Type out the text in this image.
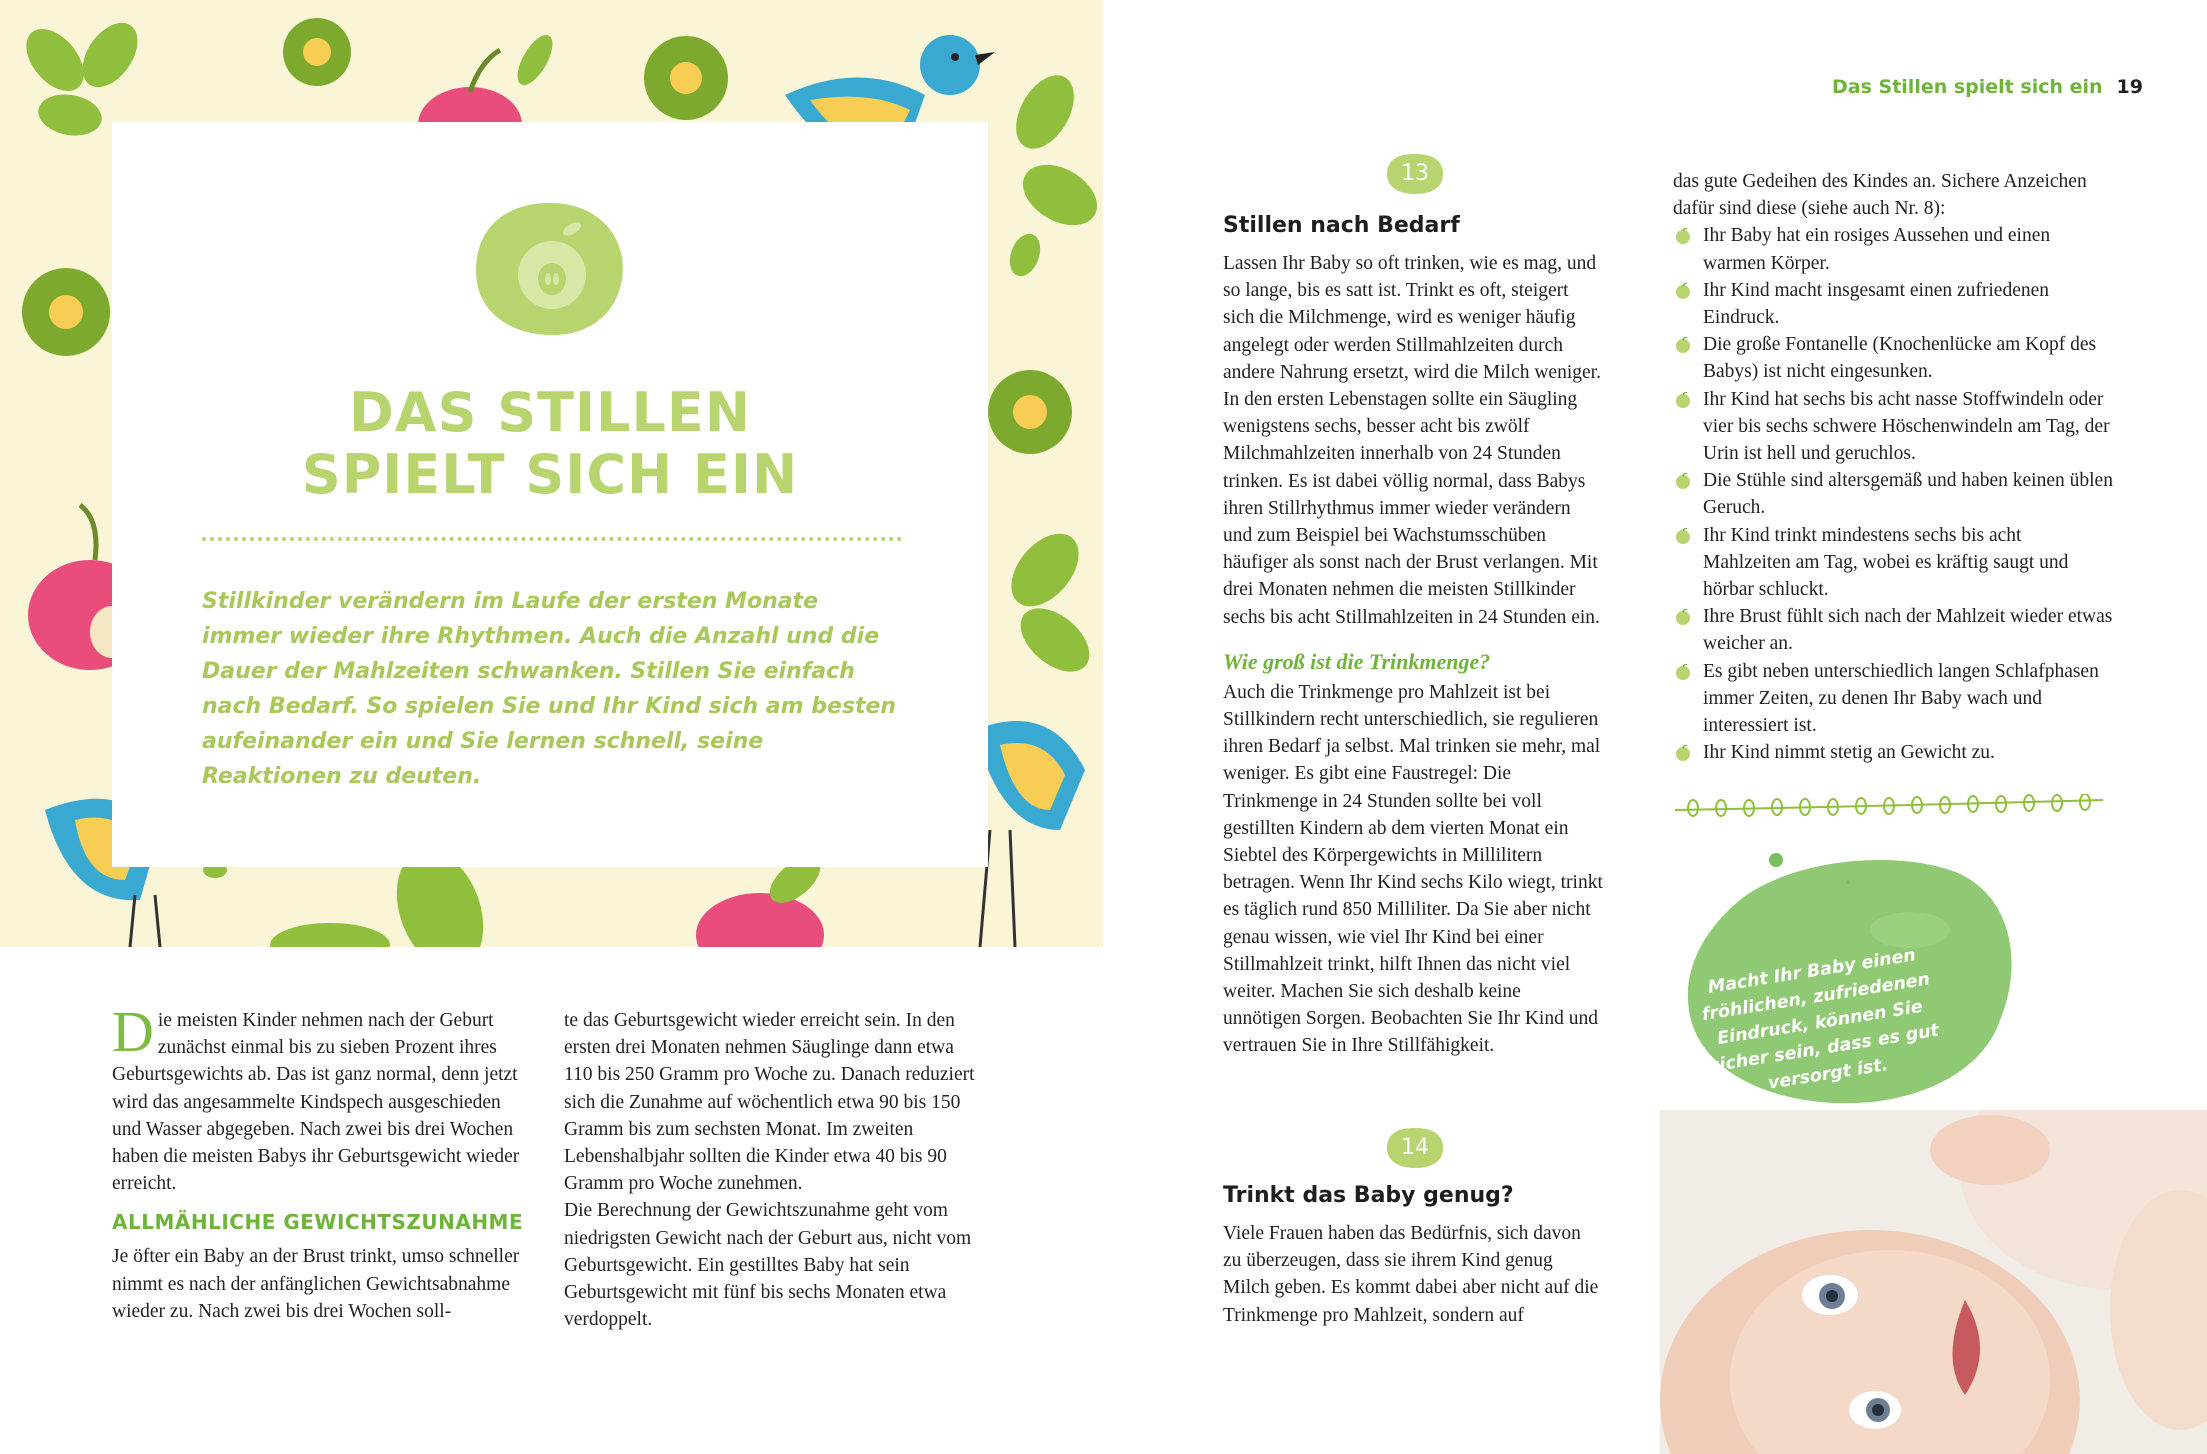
DAS STILLEN
SPIELT SICH EIN

Stillkinder verändern im Laufe der ersten Monate immer wieder ihre Rhythmen. Auch die Anzahl und die Dauer der Mahlzeiten schwanken. Stillen Sie einfach nach Bedarf. So spielen Sie und Ihr Kind sich am besten aufeinander ein und Sie lernen schnell, seine Reaktionen zu deuten.

Die meisten Kinder nehmen nach der Geburt zunächst einmal bis zu sieben Prozent ihres Geburtsgewichts ab. Das ist ganz normal, denn jetzt wird das angesammelte Kindspech ausgeschieden und Wasser abgegeben. Nach zwei bis drei Wochen haben die meisten Babys ihr Geburtsgewicht wieder erreicht.

ALLMÄHLICHE GEWICHTSZUNAHME

Je öfter ein Baby an der Brust trinkt, umso schneller nimmt es nach der anfänglichen Gewichtsabnahme wieder zu. Nach zwei bis drei Wochen soll-

te das Geburtsgewicht wieder erreicht sein. In den ersten drei Monaten nehmen Säuglinge dann etwa 110 bis 250 Gramm pro Woche zu. Danach reduziert sich die Zunahme auf wöchentlich etwa 90 bis 150 Gramm bis zum sechsten Monat. Im zweiten Lebenshalbjahr sollten die Kinder etwa 40 bis 90 Gramm pro Woche zunehmen.

Die Berechnung der Gewichtszunahme geht vom niedrigsten Gewicht nach der Geburt aus, nicht vom Geburtsgewicht. Ein gestilltes Baby hat sein Geburtsgewicht mit fünf bis sechs Monaten etwa verdoppelt.

Das Stillen spielt sich ein 19
13
Stillen nach Bedarf

Lassen Ihr Baby so oft trinken, wie es mag, und so lange, bis es satt ist. Trinkt es oft, steigert sich die Milchmenge, wird es weniger häufig angelegt oder werden Stillmahlzeiten durch andere Nahrung ersetzt, wird die Milch weniger. In den ersten Lebenstagen sollte ein Säugling wenigstens sechs, besser acht bis zwölf Milchmahlzeiten innerhalb von 24 Stunden trinken. Es ist dabei völlig normal, dass Babys ihren Stillrhythmus immer wieder verändern und zum Beispiel bei Wachstumsschüben häufiger als sonst nach der Brust verlangen. Mit drei Monaten nehmen die meisten Stillkinder sechs bis acht Stillmahlzeiten in 24 Stunden ein.

Wie groß ist die Trinkmenge?

Auch die Trinkmenge pro Mahlzeit ist bei Stillkindern recht unterschiedlich, sie regulieren ihren Bedarf ja selbst. Mal trinken sie mehr, mal weniger. Es gibt eine Faustregel: Die Trinkmenge in 24 Stunden sollte bei voll gestillten Kindern ab dem vierten Monat ein Siebtel des Körpergewichts in Millilitern betragen. Wenn Ihr Kind sechs Kilo wiegt, trinkt es täglich rund 850 Milliliter. Da Sie aber nicht genau wissen, wie viel Ihr Kind bei einer Stillmahlzeit trinkt, hilft Ihnen das nicht viel weiter. Machen Sie sich deshalb keine unnötigen Sorgen. Beobachten Sie Ihr Kind und vertrauen Sie in Ihre Stillfähigkeit.

14
Trinkt das Baby genug?

Viele Frauen haben das Bedürfnis, sich davon zu überzeugen, dass sie ihrem Kind genug Milch geben. Es kommt dabei aber nicht auf die Trinkmenge pro Mahlzeit, sondern auf

das gute Gedeihen des Kindes an. Sichere Anzeichen dafür sind diese (siehe auch Nr. 8):

Ihr Baby hat ein rosiges Aussehen und einen warmen Körper.
Ihr Kind macht insgesamt einen zufriedenen Eindruck.
Die große Fontanelle (Knochenlücke am Kopf des Babys) ist nicht eingesunken.
Ihr Kind hat sechs bis acht nasse Stoffwindeln oder vier bis sechs schwere Höschenwindeln am Tag, der Urin ist hell und geruchlos.
Die Stühle sind altersgemäß und haben keinen üblen Geruch.
Ihr Kind trinkt mindestens sechs bis acht Mahlzeiten am Tag, wobei es kräftig saugt und hörbar schluckt.
Ihre Brust fühlt sich nach der Mahlzeit wieder etwas weicher an.
Es gibt neben unterschiedlich langen Schlafphasen immer Zeiten, zu denen Ihr Baby wach und interessiert ist.
Ihr Kind nimmt stetig an Gewicht zu.

Macht Ihr Baby einen fröhlichen, zufriedenen Eindruck, können Sie sicher sein, dass es gut versorgt ist.
